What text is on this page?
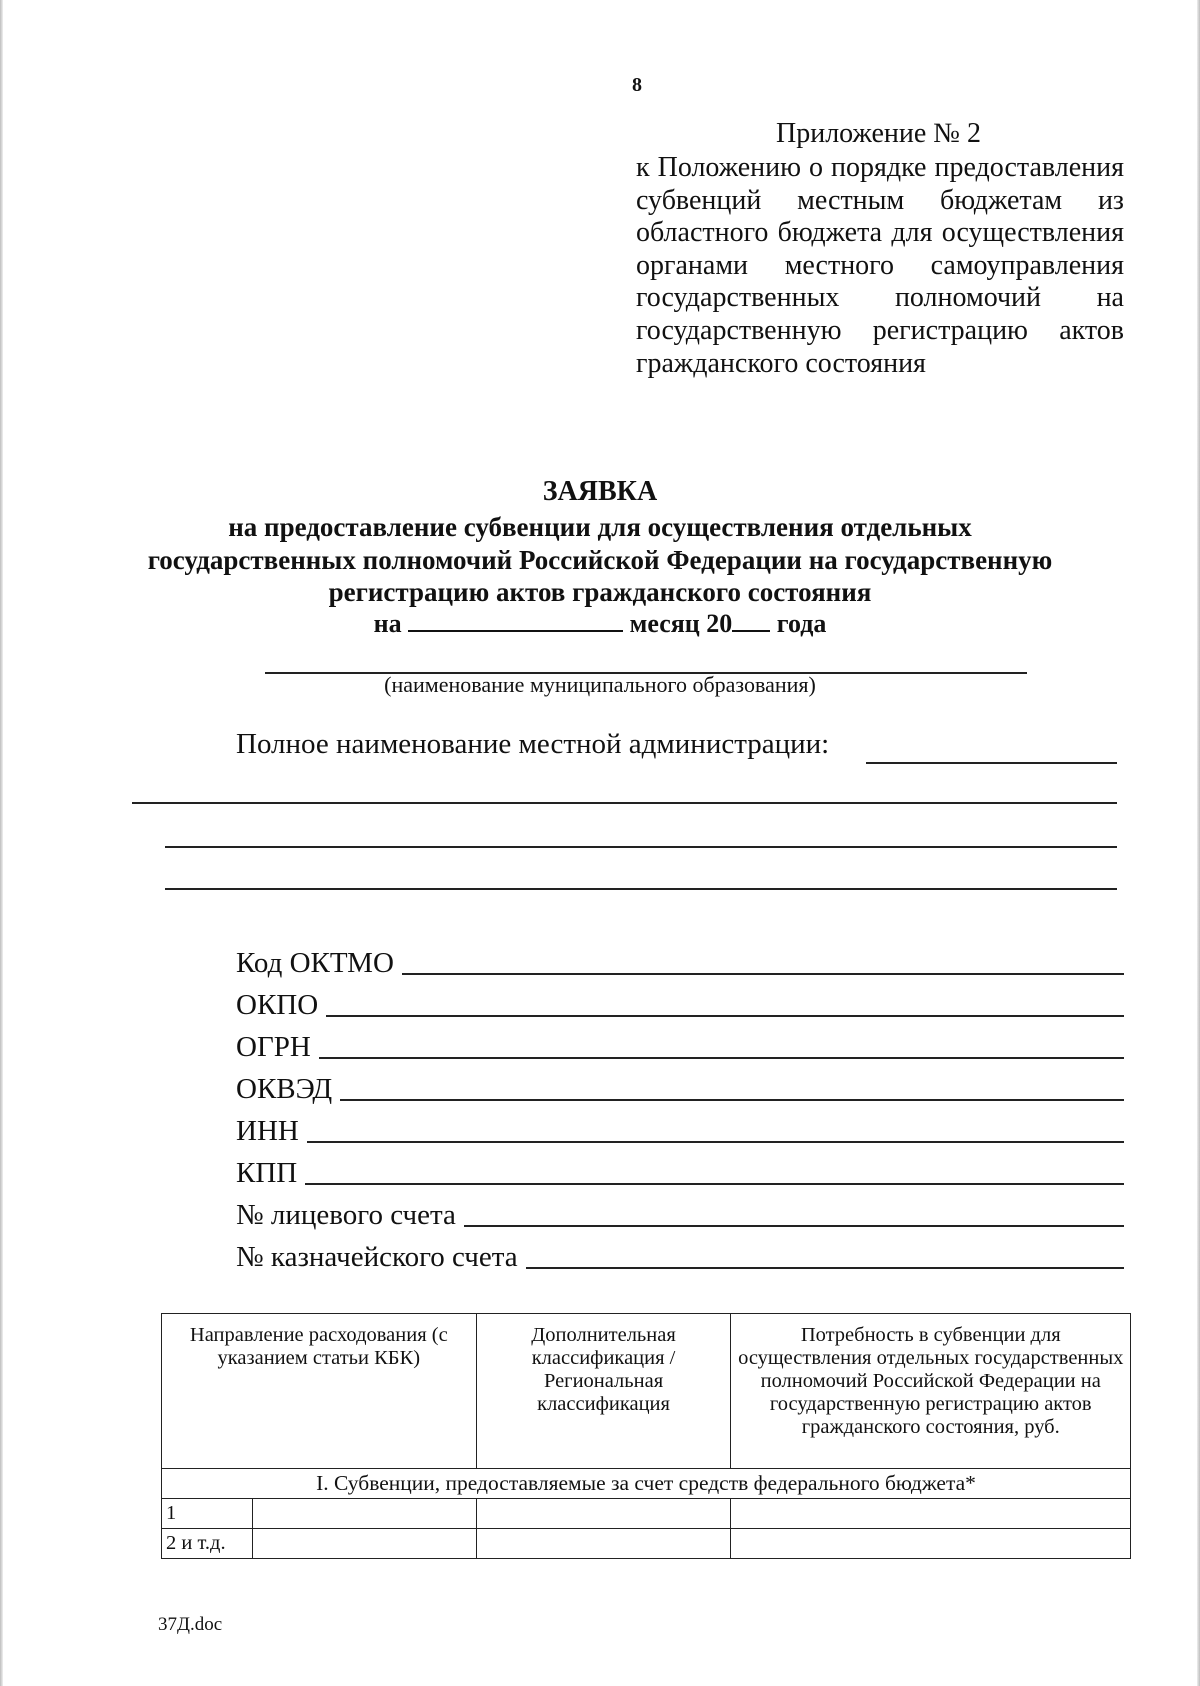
8
Приложение № 2
к Положению о порядке предоставления субвенций местным бюджетам из областного бюджета для осуществления органами местного самоуправления государственных полномочий на государственную регистрацию актов гражданского состояния
ЗАЯВКА
на предоставление субвенции для осуществления отдельных
государственных полномочий Российской Федерации на государственную
регистрацию актов гражданского состояния
на	месяц 20 года
(наименование муниципального образования)
Полное наименование местной администрации:
Код ОКТМО
ОКПО
ОГРН
ОКВЭД
ИНН
КПП
№ лицевого счета
№ казначейского счета
Направление расходования (с указанием статьи КБК)		Дополнительная классификация / Региональная классификация	Потребность в субвенции для осуществления отдельных государственных полномочий Российской Федерации на государственную регистрацию актов гражданского состояния, руб.
I. Субвенции, предоставляемые за счет средств федерального бюджета*			
1			
2 и т.д.			
37Д.doc
